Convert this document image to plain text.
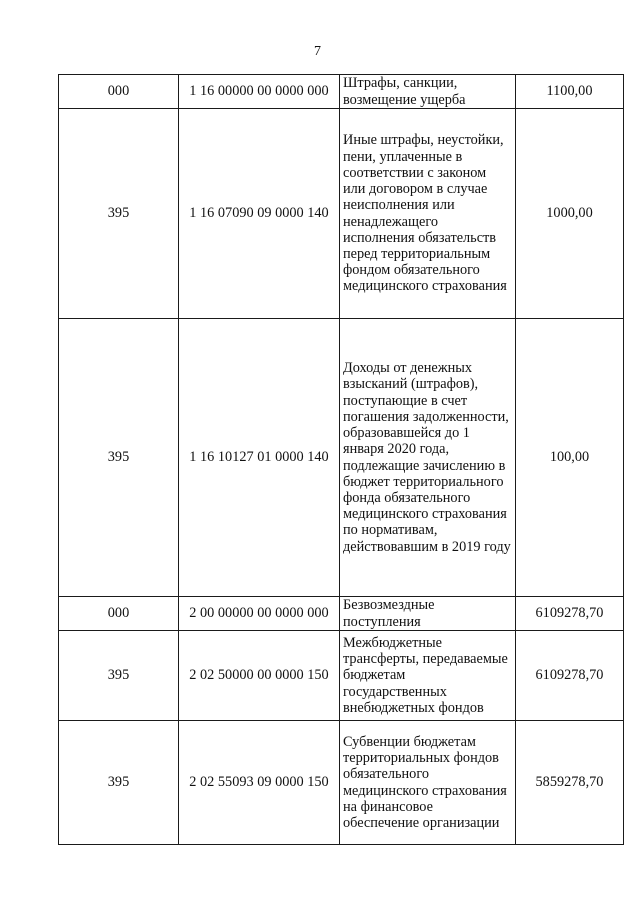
7
000	1 16 00000 00 0000 000	Штрафы, санкции, возмещение ущерба	1100,00
395	1 16 07090 09 0000 140	Иные штрафы, неустойки, пени, уплаченные в соответствии с законом или договором в случае неисполнения или ненадлежащего исполнения обязательств перед территориальным фондом обязательного медицинского страхования	1000,00
395	1 16 10127 01 0000 140	Доходы от денежных взысканий (штрафов), поступающие в счет погашения задолженности, образовавшейся до 1 января 2020 года, подлежащие зачислению в бюджет территориального фонда обязательного медицинского страхования по нормативам, действовавшим в 2019 году	100,00
000	2 00 00000 00 0000 000	Безвозмездные поступления	6109278,70
395	2 02 50000 00 0000 150	Межбюджетные трансферты, передаваемые бюджетам государственных внебюджетных фондов	6109278,70
395	2 02 55093 09 0000 150	Субвенции бюджетам территориальных фондов обязательного медицинского страхования на финансовое обеспечение организации	5859278,70
